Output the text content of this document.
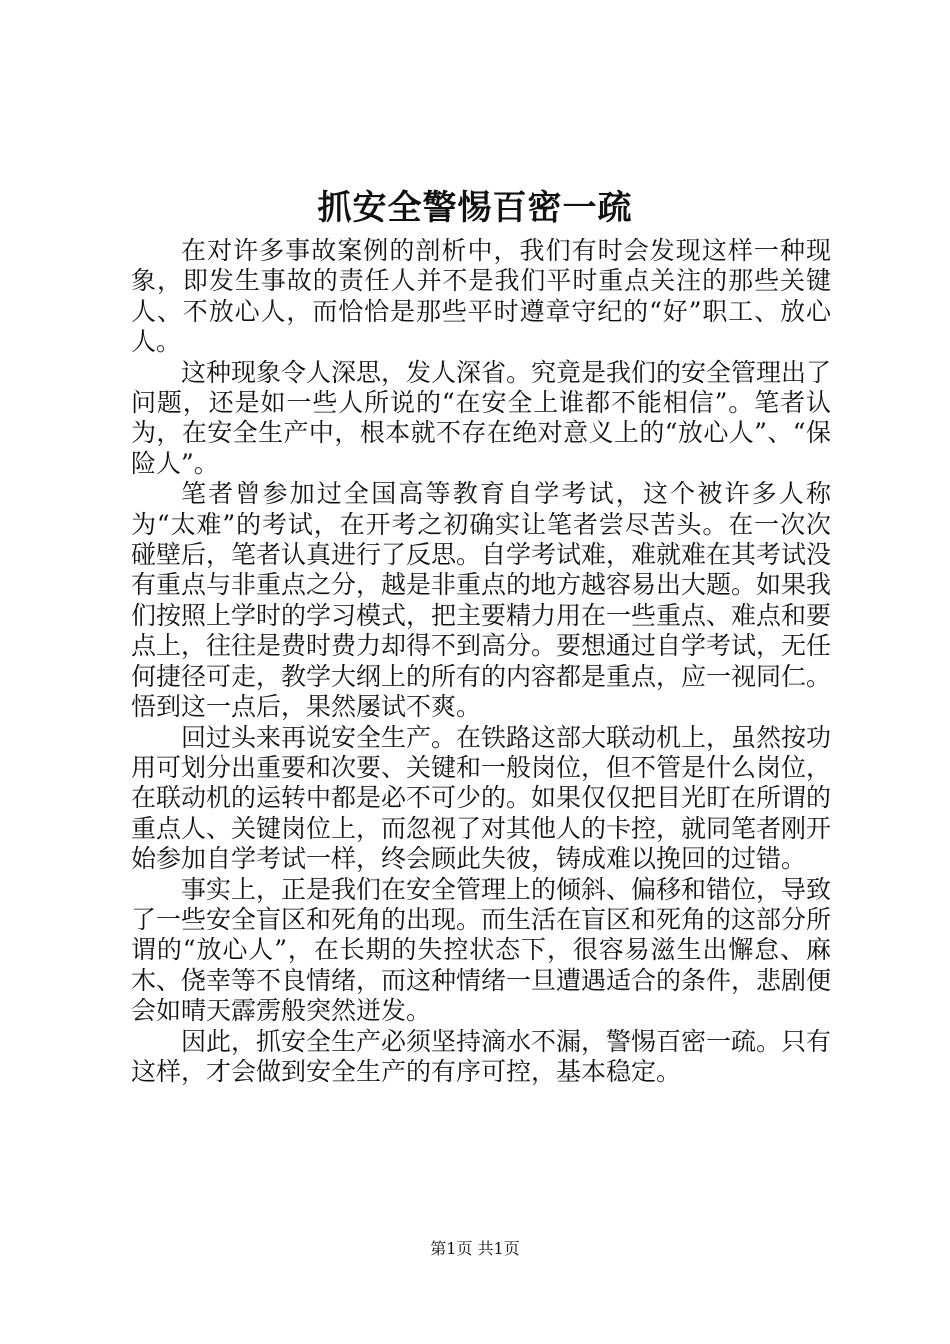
抓安全警惕百密一疏

在对许多事故案例的剖析中，我们有时会发现这样一种现象，即发生事故的责任人并不是我们平时重点关注的那些关键人、不放心人，而恰恰是那些平时遵章守纪的“好”职工、放心人。

这种现象令人深思，发人深省。究竟是我们的安全管理出了问题，还是如一些人所说的“在安全上谁都不能相信”。笔者认为，在安全生产中，根本就不存在绝对意义上的“放心人”、“保险人”。

笔者曾参加过全国高等教育自学考试，这个被许多人称为“太难”的考试，在开考之初确实让笔者尝尽苦头。在一次次碰壁后，笔者认真进行了反思。自学考试难，难就难在其考试没有重点与非重点之分，越是非重点的地方越容易出大题。如果我们按照上学时的学习模式，把主要精力用在一些重点、难点和要点上，往往是费时费力却得不到高分。要想通过自学考试，无任何捷径可走，教学大纲上的所有的内容都是重点，应一视同仁。悟到这一点后，果然屡试不爽。

回过头来再说安全生产。在铁路这部大联动机上，虽然按功用可划分出重要和次要、关键和一般岗位，但不管是什么岗位，在联动机的运转中都是必不可少的。如果仅仅把目光盯在所谓的重点人、关键岗位上，而忽视了对其他人的卡控，就同笔者刚开始参加自学考试一样，终会顾此失彼，铸成难以挽回的过错。

事实上，正是我们在安全管理上的倾斜、偏移和错位，导致了一些安全盲区和死角的出现。而生活在盲区和死角的这部分所谓的“放心人”，在长期的失控状态下，很容易滋生出懈怠、麻木、侥幸等不良情绪，而这种情绪一旦遭遇适合的条件，悲剧便会如晴天霹雳般突然迸发。

因此，抓安全生产必须坚持滴水不漏，警惕百密一疏。只有这样，才会做到安全生产的有序可控，基本稳定。

第1页 共1页
